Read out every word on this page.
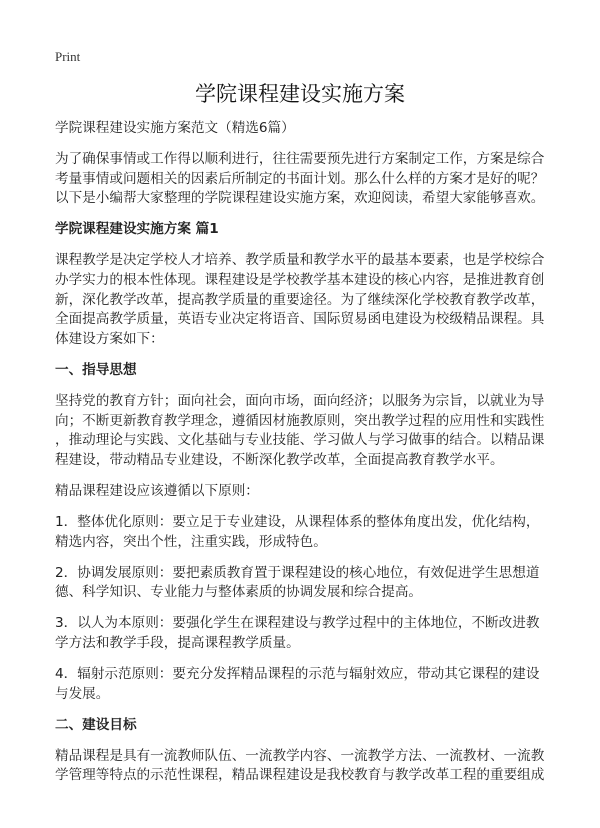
Print
学院课程建设实施方案
学院课程建设实施方案范文（精选6篇）
为了确保事情或工作得以顺利进行，往往需要预先进行方案制定工作，方案是综合
考量事情或问题相关的因素后所制定的书面计划。那么什么样的方案才是好的呢？
以下是小编帮大家整理的学院课程建设实施方案，欢迎阅读，希望大家能够喜欢。
学院课程建设实施方案 篇1
课程教学是决定学校人才培养、教学质量和教学水平的最基本要素，也是学校综合
办学实力的根本性体现。课程建设是学校教学基本建设的核心内容，是推进教育创
新，深化教学改革，提高教学质量的重要途径。为了继续深化学校教育教学改革，
全面提高教学质量，英语专业决定将语音、国际贸易函电建设为校级精品课程。具
体建设方案如下：
一、指导思想
坚持党的教育方针；面向社会，面向市场，面向经济；以服务为宗旨，以就业为导
向；不断更新教育教学理念，遵循因材施教原则，突出教学过程的应用性和实践性
，推动理论与实践、文化基础与专业技能、学习做人与学习做事的结合。以精品课
程建设，带动精品专业建设，不断深化教学改革，全面提高教育教学水平。
精品课程建设应该遵循以下原则：
1．整体优化原则：要立足于专业建设，从课程体系的整体角度出发，优化结构，
精选内容，突出个性，注重实践，形成特色。
2．协调发展原则：要把素质教育置于课程建设的核心地位，有效促进学生思想道
德、科学知识、专业能力与整体素质的协调发展和综合提高。
3．以人为本原则：要强化学生在课程建设与教学过程中的主体地位，不断改进教
学方法和教学手段，提高课程教学质量。
4．辐射示范原则：要充分发挥精品课程的示范与辐射效应，带动其它课程的建设
与发展。
二、建设目标
精品课程是具有一流教师队伍、一流教学内容、一流教学方法、一流教材、一流教
学管理等特点的示范性课程，精品课程建设是我校教育与教学改革工程的重要组成
